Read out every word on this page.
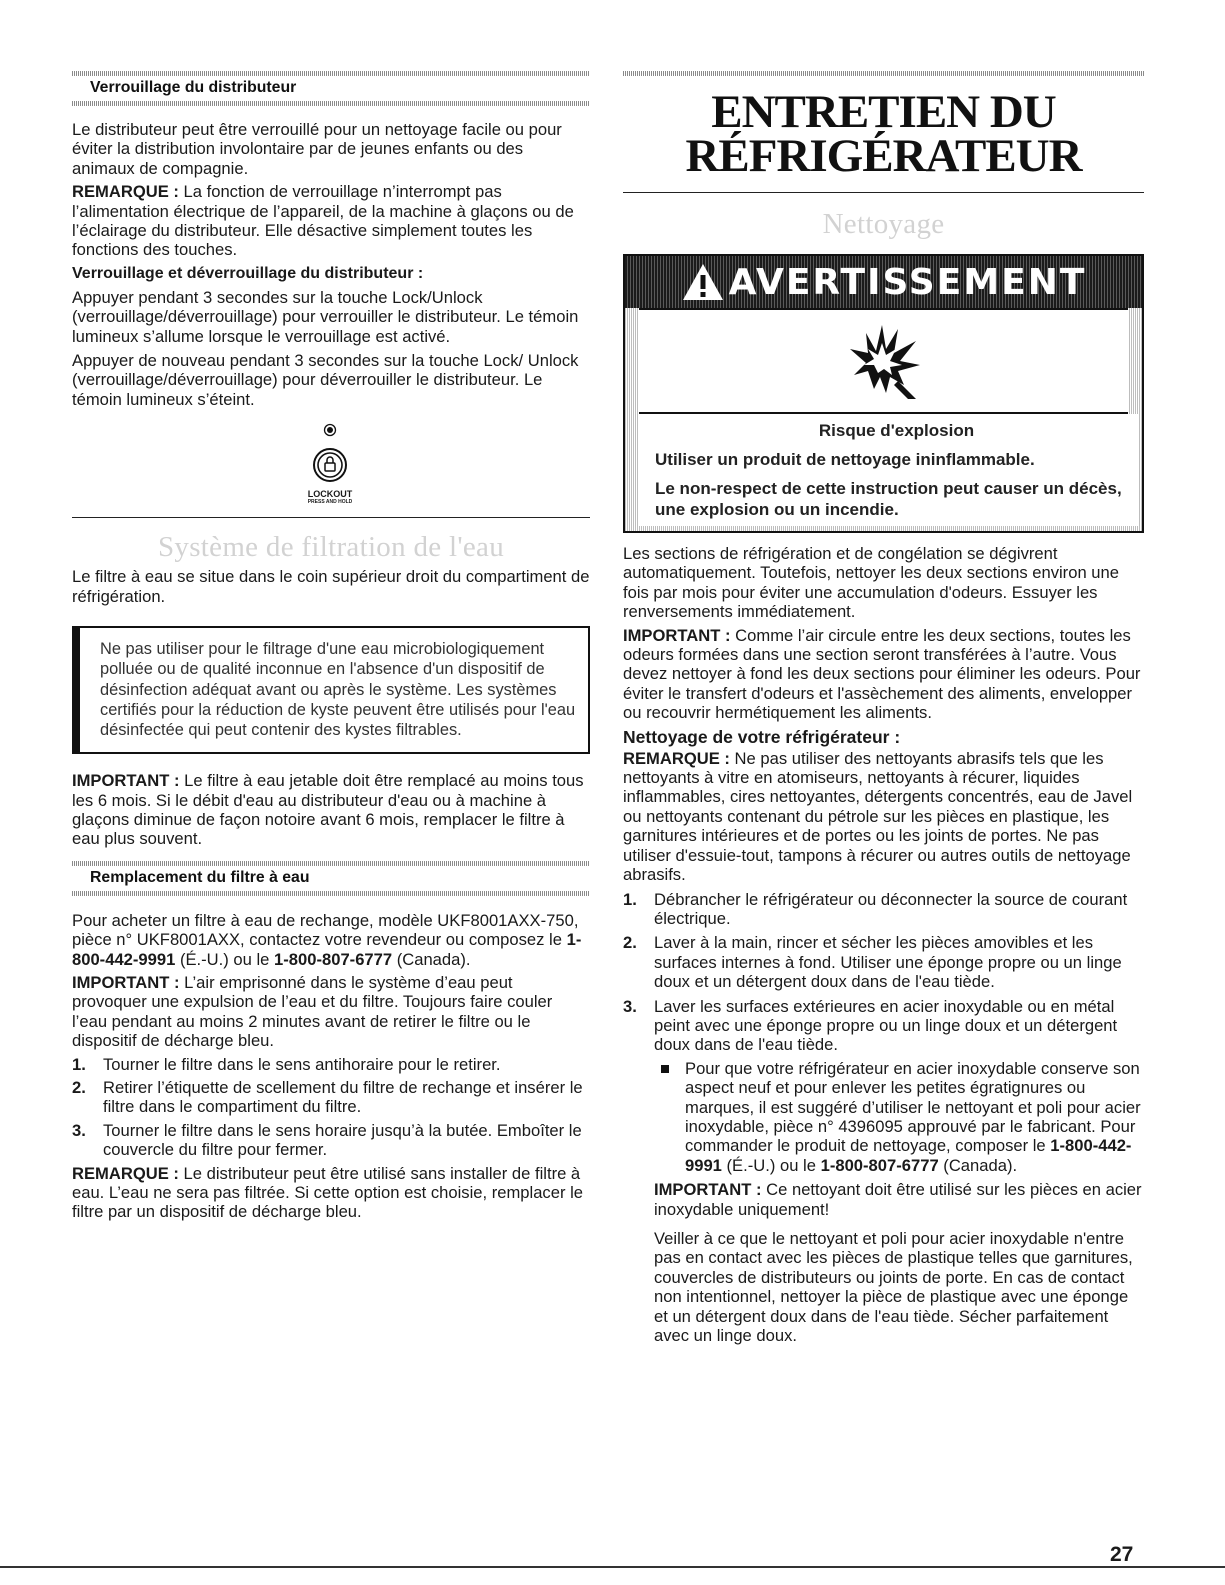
Verrouillage du distributeur

Le distributeur peut être verrouillé pour un nettoyage facile ou pour éviter la distribution involontaire par de jeunes enfants ou des animaux de compagnie.

REMARQUE : La fonction de verrouillage n’interrompt pas l’alimentation électrique de l’appareil, de la machine à glaçons ou de l’éclairage du distributeur. Elle désactive simplement toutes les fonctions des touches.

Verrouillage et déverrouillage du distributeur :

Appuyer pendant 3 secondes sur la touche Lock/Unlock (verrouillage/déverrouillage) pour verrouiller le distributeur. Le témoin lumineux s’allume lorsque le verrouillage est activé.

Appuyer de nouveau pendant 3 secondes sur la touche Lock/ Unlock (verrouillage/déverrouillage) pour déverrouiller le distributeur. Le témoin lumineux s’éteint.

LOCKOUT
PRESS AND HOLD
Système de filtration de l'eau

Le filtre à eau se situe dans le coin supérieur droit du compartiment de réfrigération.

Ne pas utiliser pour le filtrage d'une eau microbiologiquement polluée ou de qualité inconnue en l'absence d'un dispositif de désinfection adéquat avant ou après le système. Les systèmes certifiés pour la réduction de kyste peuvent être utilisés pour l'eau désinfectée qui peut contenir des kystes filtrables.

IMPORTANT : Le filtre à eau jetable doit être remplacé au moins tous les 6 mois. Si le débit d'eau au distributeur d'eau ou à machine à glaçons diminue de façon notoire avant 6 mois, remplacer le filtre à eau plus souvent.

Remplacement du filtre à eau

Pour acheter un filtre à eau de rechange, modèle UKF8001AXX-750, pièce n° UKF8001AXX, contactez votre revendeur ou composez le 1-800-442-9991 (É.-U.) ou le 1-800-807-6777 (Canada).

IMPORTANT : L’air emprisonné dans le système d’eau peut provoquer une expulsion de l’eau et du filtre. Toujours faire couler l’eau pendant au moins 2 minutes avant de retirer le filtre ou le dispositif de décharge bleu.

1. Tourner le filtre dans le sens antihoraire pour le retirer.
2. Retirer l’étiquette de scellement du filtre de rechange et insérer le filtre dans le compartiment du filtre.
3. Tourner le filtre dans le sens horaire jusqu’à la butée. Emboîter le couvercle du filtre pour fermer.

REMARQUE : Le distributeur peut être utilisé sans installer de filtre à eau. L’eau ne sera pas filtrée. Si cette option est choisie, remplacer le filtre par un dispositif de décharge bleu.

ENTRETIEN DU
RÉFRIGÉRATEUR
Nettoyage
AVERTISSEMENT

Risque d'explosion

Utiliser un produit de nettoyage ininflammable.

Le non-respect de cette instruction peut causer un décès, une explosion ou un incendie.

Les sections de réfrigération et de congélation se dégivrent automatiquement. Toutefois, nettoyer les deux sections environ une fois par mois pour éviter une accumulation d'odeurs. Essuyer les renversements immédiatement.

IMPORTANT : Comme l’air circule entre les deux sections, toutes les odeurs formées dans une section seront transférées à l’autre. Vous devez nettoyer à fond les deux sections pour éliminer les odeurs. Pour éviter le transfert d'odeurs et l'assèchement des aliments, envelopper ou recouvrir hermétiquement les aliments.

Nettoyage de votre réfrigérateur :

REMARQUE : Ne pas utiliser des nettoyants abrasifs tels que les nettoyants à vitre en atomiseurs, nettoyants à récurer, liquides inflammables, cires nettoyantes, détergents concentrés, eau de Javel ou nettoyants contenant du pétrole sur les pièces en plastique, les garnitures intérieures et de portes ou les joints de portes. Ne pas utiliser d'essuie-tout, tampons à récurer ou autres outils de nettoyage abrasifs.

1. Débrancher le réfrigérateur ou déconnecter la source de courant électrique.
2. Laver à la main, rincer et sécher les pièces amovibles et les surfaces internes à fond. Utiliser une éponge propre ou un linge doux et un détergent doux dans de l'eau tiède.
3. Laver les surfaces extérieures en acier inoxydable ou en métal peint avec une éponge propre ou un linge doux et un détergent doux dans de l'eau tiède.

Pour que votre réfrigérateur en acier inoxydable conserve son aspect neuf et pour enlever les petites égratignures ou marques, il est suggéré d’utiliser le nettoyant et poli pour acier inoxydable, pièce n° 4396095 approuvé par le fabricant. Pour commander le produit de nettoyage, composer le 1-800-442-9991 (É.-U.) ou le 1-800-807-6777 (Canada).

IMPORTANT : Ce nettoyant doit être utilisé sur les pièces en acier inoxydable uniquement!

Veiller à ce que le nettoyant et poli pour acier inoxydable n'entre pas en contact avec les pièces de plastique telles que garnitures, couvercles de distributeurs ou joints de porte. En cas de contact non intentionnel, nettoyer la pièce de plastique avec une éponge et un détergent doux dans de l'eau tiède. Sécher parfaitement avec un linge doux.

27
